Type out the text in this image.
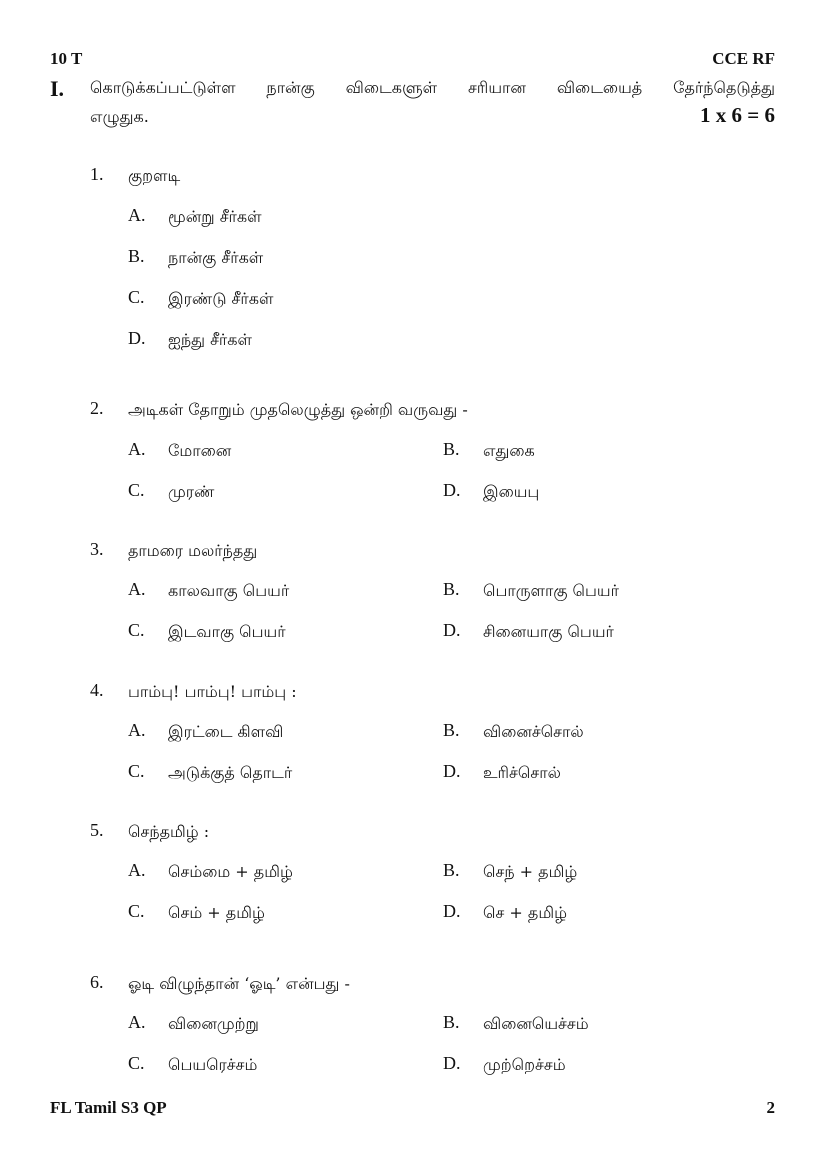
10 T	CCE RF
I. கொடுக்கப்பட்டுள்ள நான்கு விடைகளுள் சரியான விடையைத் தேர்ந்தெடுத்து
எழுதுக.	1 x 6 = 6
1. குறளடி
A. மூன்று சீர்கள்
B. நான்கு சீர்கள்
C. இரண்டு சீர்கள்
D. ஐந்து சீர்கள்
2. அடிகள் தோறும் முதலெழுத்து ஒன்றி வருவது -
A. மோனை	B. எதுகை
C. முரண்	D. இயைபு
3. தாமரை மலர்ந்தது
A. காலவாகு பெயர்	B. பொருளாகு பெயர்
C. இடவாகு பெயர்	D. சினையாகு பெயர்
4. பாம்பு! பாம்பு! பாம்பு :
A. இரட்டை கிளவி	B. வினைச்சொல்
C. அடுக்குத் தொடர்	D. உரிச்சொல்
5. செந்தமிழ் :
A. செம்மை + தமிழ்	B. செந் + தமிழ்
C. செம் + தமிழ்	D. செ + தமிழ்
6. ஓடி விழுந்தான் ‘ஓடி’ என்பது -
A. வினைமுற்று	B. வினையெச்சம்
C. பெயரெச்சம்	D. முற்றெச்சம்
FL Tamil S3 QP	2
